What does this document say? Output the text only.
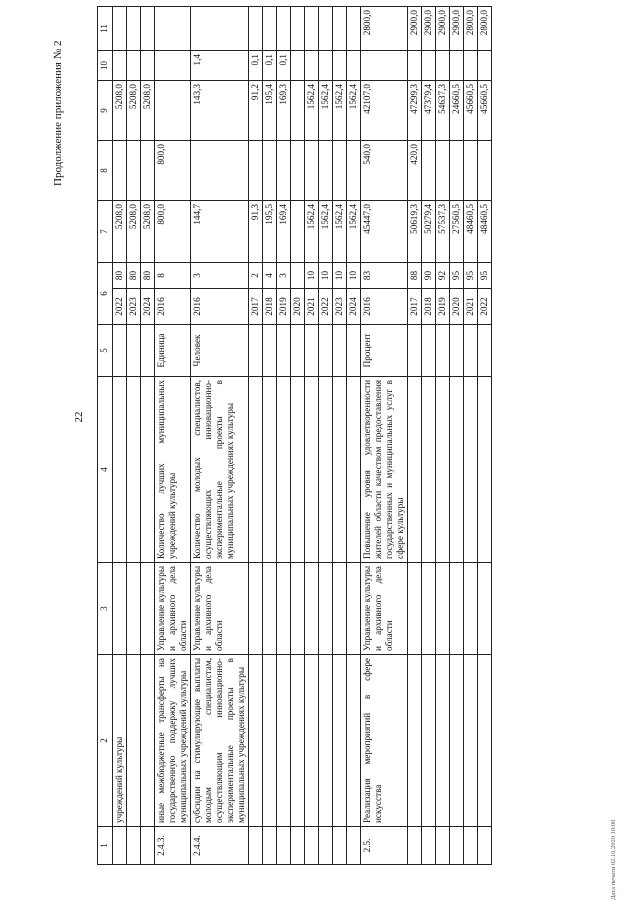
22
Продолжение приложения № 2
Дата печати 02.10.2020 10:00
1	2	3	4	5	6		7	8	9	10	11
	учреждений культуры				2022	80	5208,0		5208,0		
					2023	80	5208,0		5208,0		
					2024	80	5208,0		5208,0		
2.4.3.	иные межбюджетные трансферты на государственную поддержку лучших муниципальных учреждений культуры	Управление культуры и архивного дела области	Количество лучших муниципальных учреждений культуры	Единица	2016	8	800,0	800,0			
2.4.4.	субсидии на стимулирующие выплаты молодым специалистам, осуществляющим инновационно-экспериментальные проекты в муниципальных учреждениях культуры	Управление культуры и архивного дела области	Количество молодых специалистов, осуществляющих инновационно-экспериментальные проекты в муниципальных учреждениях культуры	Человек	2016	3	144,7		143,3	1,4	
					2017	2	91,3		91,2	0,1	
					2018	4	195,5		195,4	0,1	
					2019	3	169,4		169,3	0,1	
					2020						
					2021	10	1562,4		1562,4		
					2022	10	1562,4		1562,4		
					2023	10	1562,4		1562,4		
					2024	10	1562,4		1562,4		
2.5.	Реализация мероприятий в сфере искусства	Управление культуры и архивного дела области	Повышение уровня удовлетворенности жителей области качеством предоставления государственных и муниципальных услуг в сфере культуры	Процент	2016	83	45447,0	540,0	42107,0		2800,0
					2017	88	50619,3	420,0	47299,3		2900,0
					2018	90	50279,4		47379,4		2900,0
					2019	92	57537,3		54637,3		2900,0
					2020	95	27560,5		24660,5		2900,0
					2021	95	48460,5		45660,5		2800,0
					2022	95	48460,5		45660,5		2800,0
